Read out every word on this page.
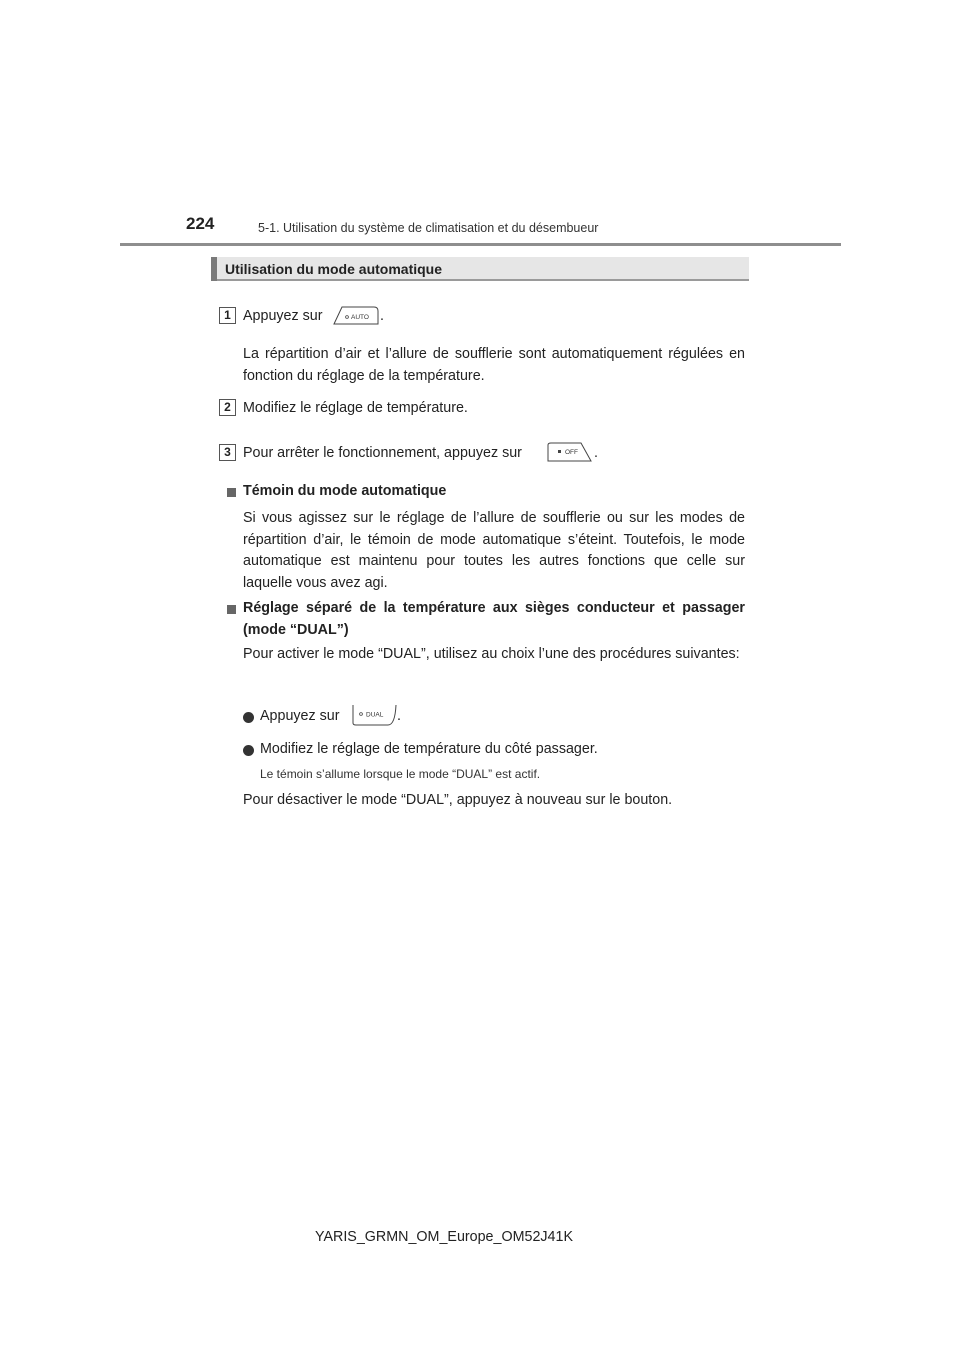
224	5-1. Utilisation du système de climatisation et du désembueur
Utilisation du mode automatique
1 Appuyez sur	AUTO .
La répartition d’air et l’allure de soufflerie sont automatiquement régulées en fonction du réglage de la température.
2 Modifiez le réglage de température.
3 Pour arrêter le fonctionnement, appuyez sur	OFF .
Témoin du mode automatique
Si vous agissez sur le réglage de l’allure de soufflerie ou sur les modes de répartition d’air, le témoin de mode automatique s’éteint. Toutefois, le mode automatique est maintenu pour toutes les autres fonctions que celle sur laquelle vous avez agi.
Réglage séparé de la température aux sièges conducteur et passager (mode “DUAL”)
Pour activer le mode “DUAL”, utilisez au choix l’une des procédures suivantes:
Appuyez sur	DUAL .
Modifiez le réglage de température du côté passager.
Le témoin s’allume lorsque le mode “DUAL” est actif.
Pour désactiver le mode “DUAL”, appuyez à nouveau sur le bouton.
YARIS_GRMN_OM_Europe_OM52J41K
